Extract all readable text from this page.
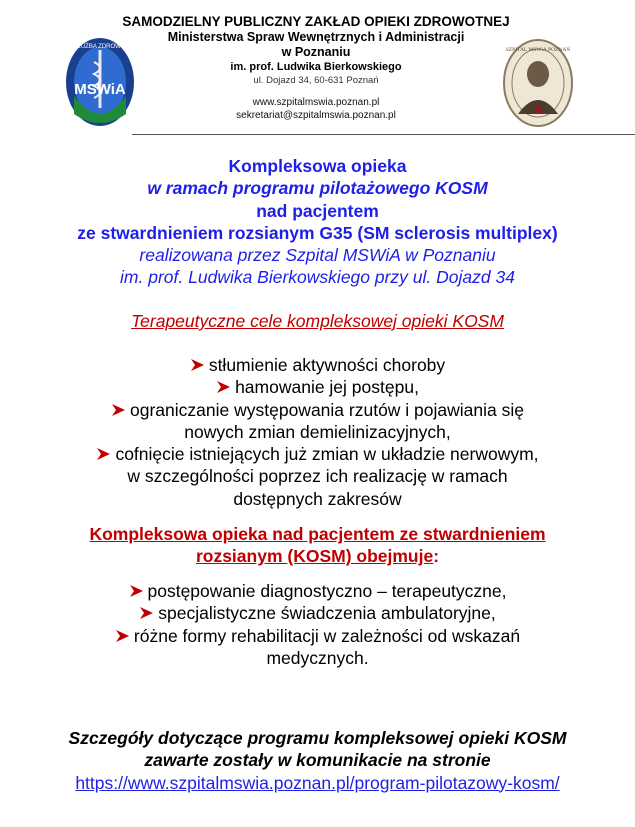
MSWiA
SŁUŻBA ZDROWIA
SAMODZIELNY PUBLICZNY ZAKŁAD OPIEKI ZDROWOTNEJ
Ministerstwa Spraw Wewnętrznych i Administracji
w Poznaniu
im. prof. Ludwika Bierkowskiego
ul. Dojazd 34, 60-631 Poznań
www.szpitalmswia.poznan.pl
sekretariat@szpitalmswia.poznan.pl
SZPITAL MSWiA POZNAŃ
Kompleksowa opieka
w ramach programu pilotażowego KOSM
nad pacjentem
ze stwardnieniem rozsianym G35 (SM sclerosis multiplex)
realizowana przez Szpital MSWiA w Poznaniu
im. prof. Ludwika Bierkowskiego przy ul. Dojazd 34
Terapeutyczne cele kompleksowej opieki KOSM
stłumienie aktywności choroby
hamowanie jej postępu,
ograniczanie występowania rzutów i pojawiania się
nowych zmian demielinizacyjnych,
cofnięcie istniejących już zmian w układzie nerwowym,
w szczególności poprzez ich realizację w ramach
dostępnych zakresów
Kompleksowa opieka nad pacjentem ze stwardnieniem
rozsianym (KOSM) obejmuje:
postępowanie diagnostyczno – terapeutyczne,
specjalistyczne świadczenia ambulatoryjne,
różne formy rehabilitacji w zależności od wskazań
medycznych.
Szczegóły dotyczące programu kompleksowej opieki KOSM
zawarte zostały w komunikacie na stronie
https://www.szpitalmswia.poznan.pl/program-pilotazowy-kosm/
